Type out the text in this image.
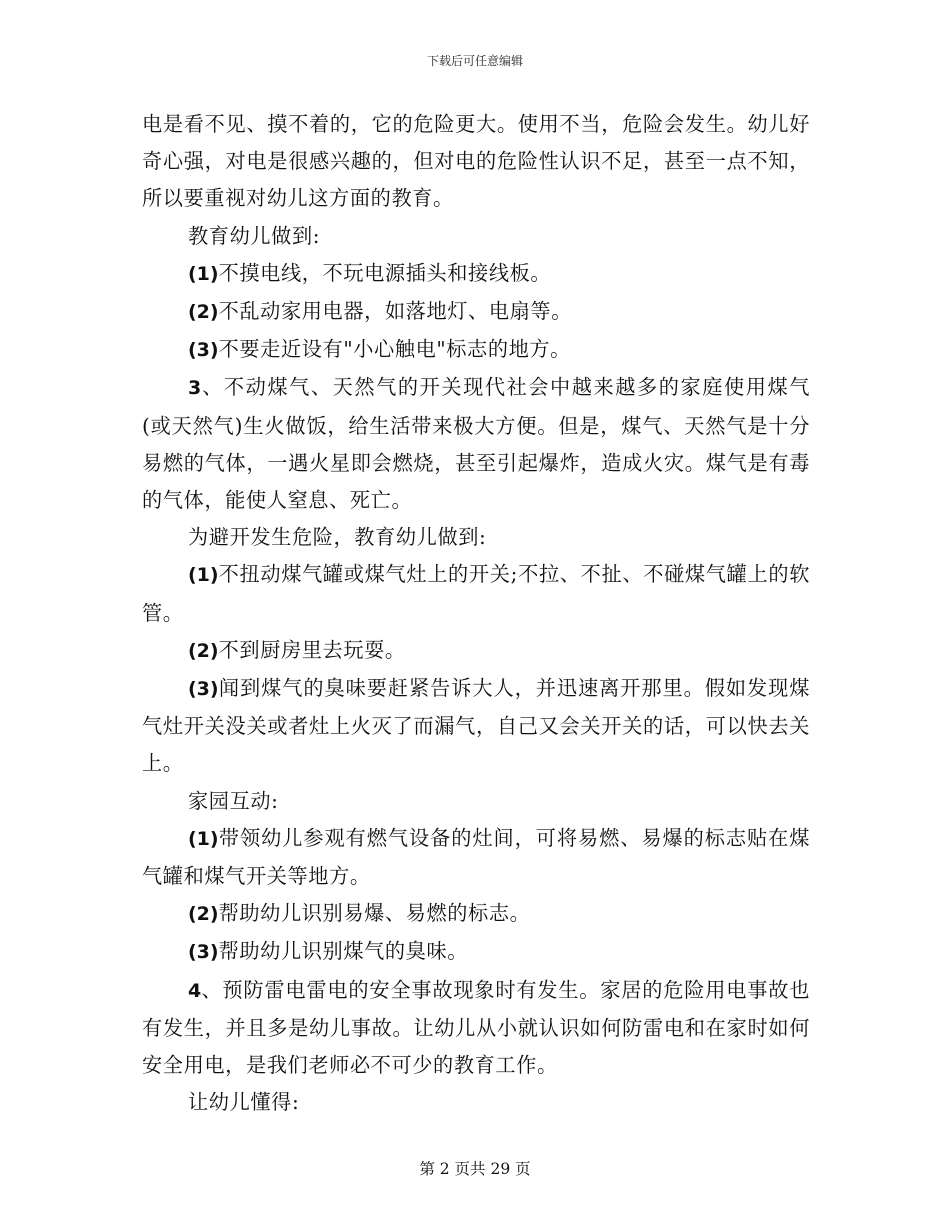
下载后可任意编辑

电是看不见、摸不着的，它的危险更大。使用不当，危险会发生。幼儿好奇心强，对电是很感兴趣的，但对电的危险性认识不足，甚至一点不知，所以要重视对幼儿这方面的教育。

教育幼儿做到:

(1)不摸电线，不玩电源插头和接线板。

(2)不乱动家用电器，如落地灯、电扇等。

(3)不要走近设有"小心触电"标志的地方。

3、不动煤气、天然气的开关现代社会中越来越多的家庭使用煤气(或天然气)生火做饭，给生活带来极大方便。但是，煤气、天然气是十分易燃的气体，一遇火星即会燃烧，甚至引起爆炸，造成火灾。煤气是有毒的气体，能使人窒息、死亡。

为避开发生危险，教育幼儿做到:

(1)不扭动煤气罐或煤气灶上的开关;不拉、不扯、不碰煤气罐上的软管。

(2)不到厨房里去玩耍。

(3)闻到煤气的臭味要赶紧告诉大人，并迅速离开那里。假如发现煤气灶开关没关或者灶上火灭了而漏气，自己又会关开关的话，可以快去关上。

家园互动:

(1)带领幼儿参观有燃气设备的灶间，可将易燃、易爆的标志贴在煤气罐和煤气开关等地方。

(2)帮助幼儿识别易爆、易燃的标志。

(3)帮助幼儿识别煤气的臭味。

4、预防雷电雷电的安全事故现象时有发生。家居的危险用电事故也有发生，并且多是幼儿事故。让幼儿从小就认识如何防雷电和在家时如何安全用电，是我们老师必不可少的教育工作。

让幼儿懂得:

第 2 页共 29 页
